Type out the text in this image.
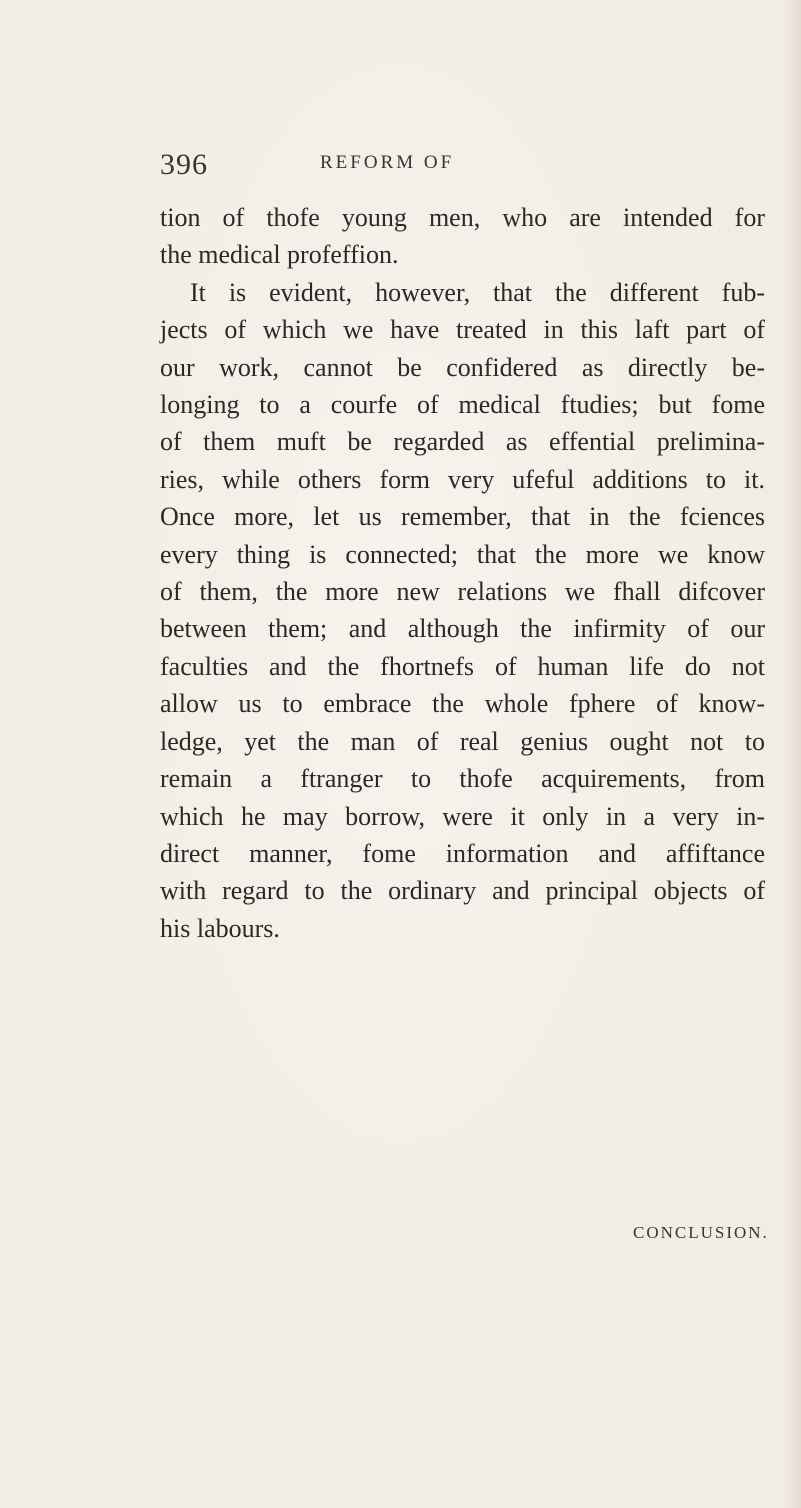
396	REFORM OF
tion of thofe young men, who are intended for
the medical profeffion.
It is evident, however, that the different fub-
jects of which we have treated in this laft part of
our work, cannot be confidered as directly be-
longing to a courfe of medical ftudies; but fome
of them muft be regarded as effential prelimina-
ries, while others form very ufeful additions to it.
Once more, let us remember, that in the fciences
every thing is connected; that the more we know
of them, the more new relations we fhall difcover
between them; and although the infirmity of our
faculties and the fhortnefs of human life do not
allow us to embrace the whole fphere of know-
ledge, yet the man of real genius ought not to
remain a ftranger to thofe acquirements, from
which he may borrow, were it only in a very in-
direct manner, fome information and affiftance
with regard to the ordinary and principal objects of
his labours.
CONCLUSION.
